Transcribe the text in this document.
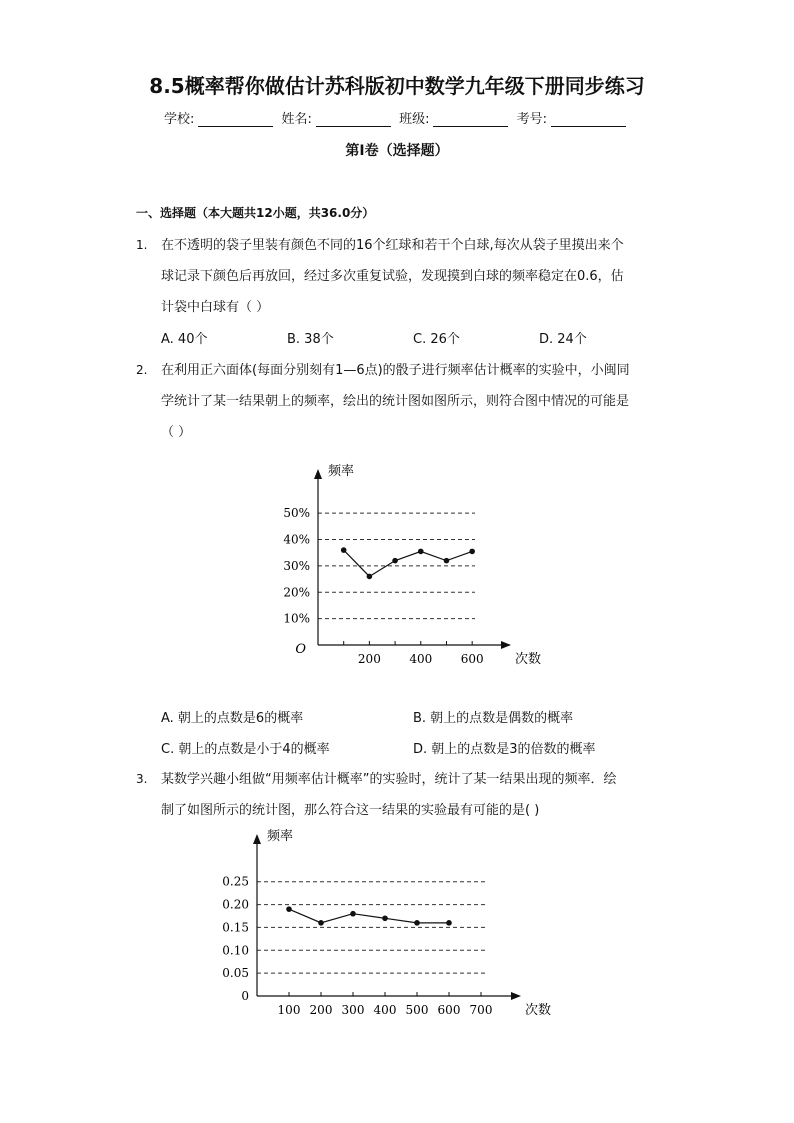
8.5概率帮你做估计苏科版初中数学九年级下册同步练习
学校:	姓名:	班级:	考号:
第I卷（选择题）
一、选择题（本大题共12小题，共36.0分）
1. 在不透明的袋子里装有颜色不同的16个红球和若干个白球,每次从袋子里摸出来个
球记录下颜色后再放回，经过多次重复试验，发现摸到白球的频率稳定在0.6，估
计袋中白球有（ ）
A. 40个	B. 38个	C. 26个	D. 24个
2. 在利用正六面体(每面分别刻有1—6点)的骰子进行频率估计概率的实验中，小闽同
学统计了某一结果朝上的频率，绘出的统计图如图所示，则符合图中情况的可能是
（ ）
10%
20%
30%
40%
50%
200 400 600
频率
次数
O
A. 朝上的点数是6的概率	B. 朝上的点数是偶数的概率
C. 朝上的点数是小于4的概率	D. 朝上的点数是3的倍数的概率
3. 某数学兴趣小组做“用频率估计概率”的实验时，统计了某一结果出现的频率．绘
制了如图所示的统计图，那么符合这一结果的实验最有可能的是( )
0
0.05
0.10
0.15
0.20
0.25
100 200 300 400 500 600 700
频率
次数
